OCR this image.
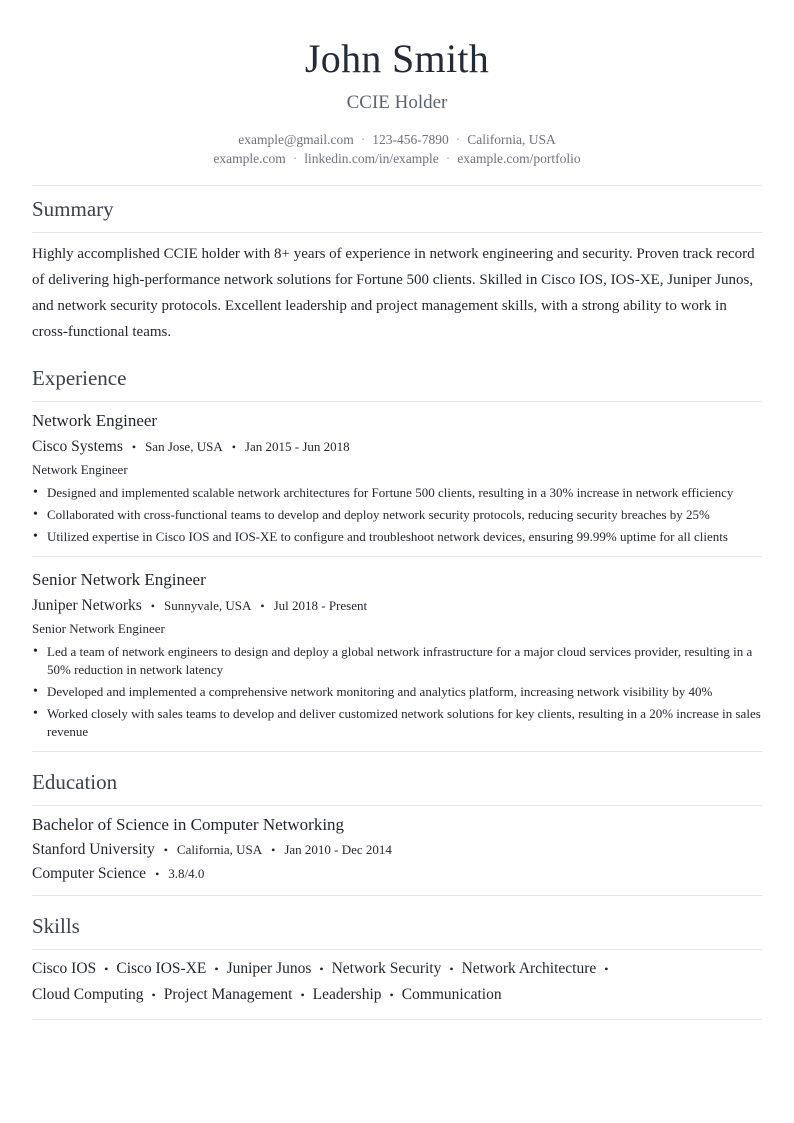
John Smith
CCIE Holder
example@gmail.com · 123-456-7890 · California, USA
example.com · linkedin.com/in/example · example.com/portfolio
Summary

Highly accomplished CCIE holder with 8+ years of experience in network engineering and security. Proven track record of delivering high-performance network solutions for Fortune 500 clients. Skilled in Cisco IOS, IOS-XE, Juniper Junos, and network security protocols. Excellent leadership and project management skills, with a strong ability to work in cross-functional teams.

Experience
Network Engineer
Cisco Systems • San Jose, USA • Jan 2015 - Jun 2018
Network Engineer
• Designed and implemented scalable network architectures for Fortune 500 clients, resulting in a 30% increase in network efficiency
• Collaborated with cross-functional teams to develop and deploy network security protocols, reducing security breaches by 25%
• Utilized expertise in Cisco IOS and IOS-XE to configure and troubleshoot network devices, ensuring 99.99% uptime for all clients
Senior Network Engineer
Juniper Networks • Sunnyvale, USA • Jul 2018 - Present
Senior Network Engineer
• Led a team of network engineers to design and deploy a global network infrastructure for a major cloud services provider, resulting in a 50% reduction in network latency
• Developed and implemented a comprehensive network monitoring and analytics platform, increasing network visibility by 40%
• Worked closely with sales teams to develop and deliver customized network solutions for key clients, resulting in a 20% increase in sales revenue
Education
Bachelor of Science in Computer Networking
Stanford University • California, USA • Jan 2010 - Dec 2014
Computer Science • 3.8/4.0
Skills
Cisco IOS • Cisco IOS-XE • Juniper Junos • Network Security • Network Architecture •
Cloud Computing • Project Management • Leadership • Communication
